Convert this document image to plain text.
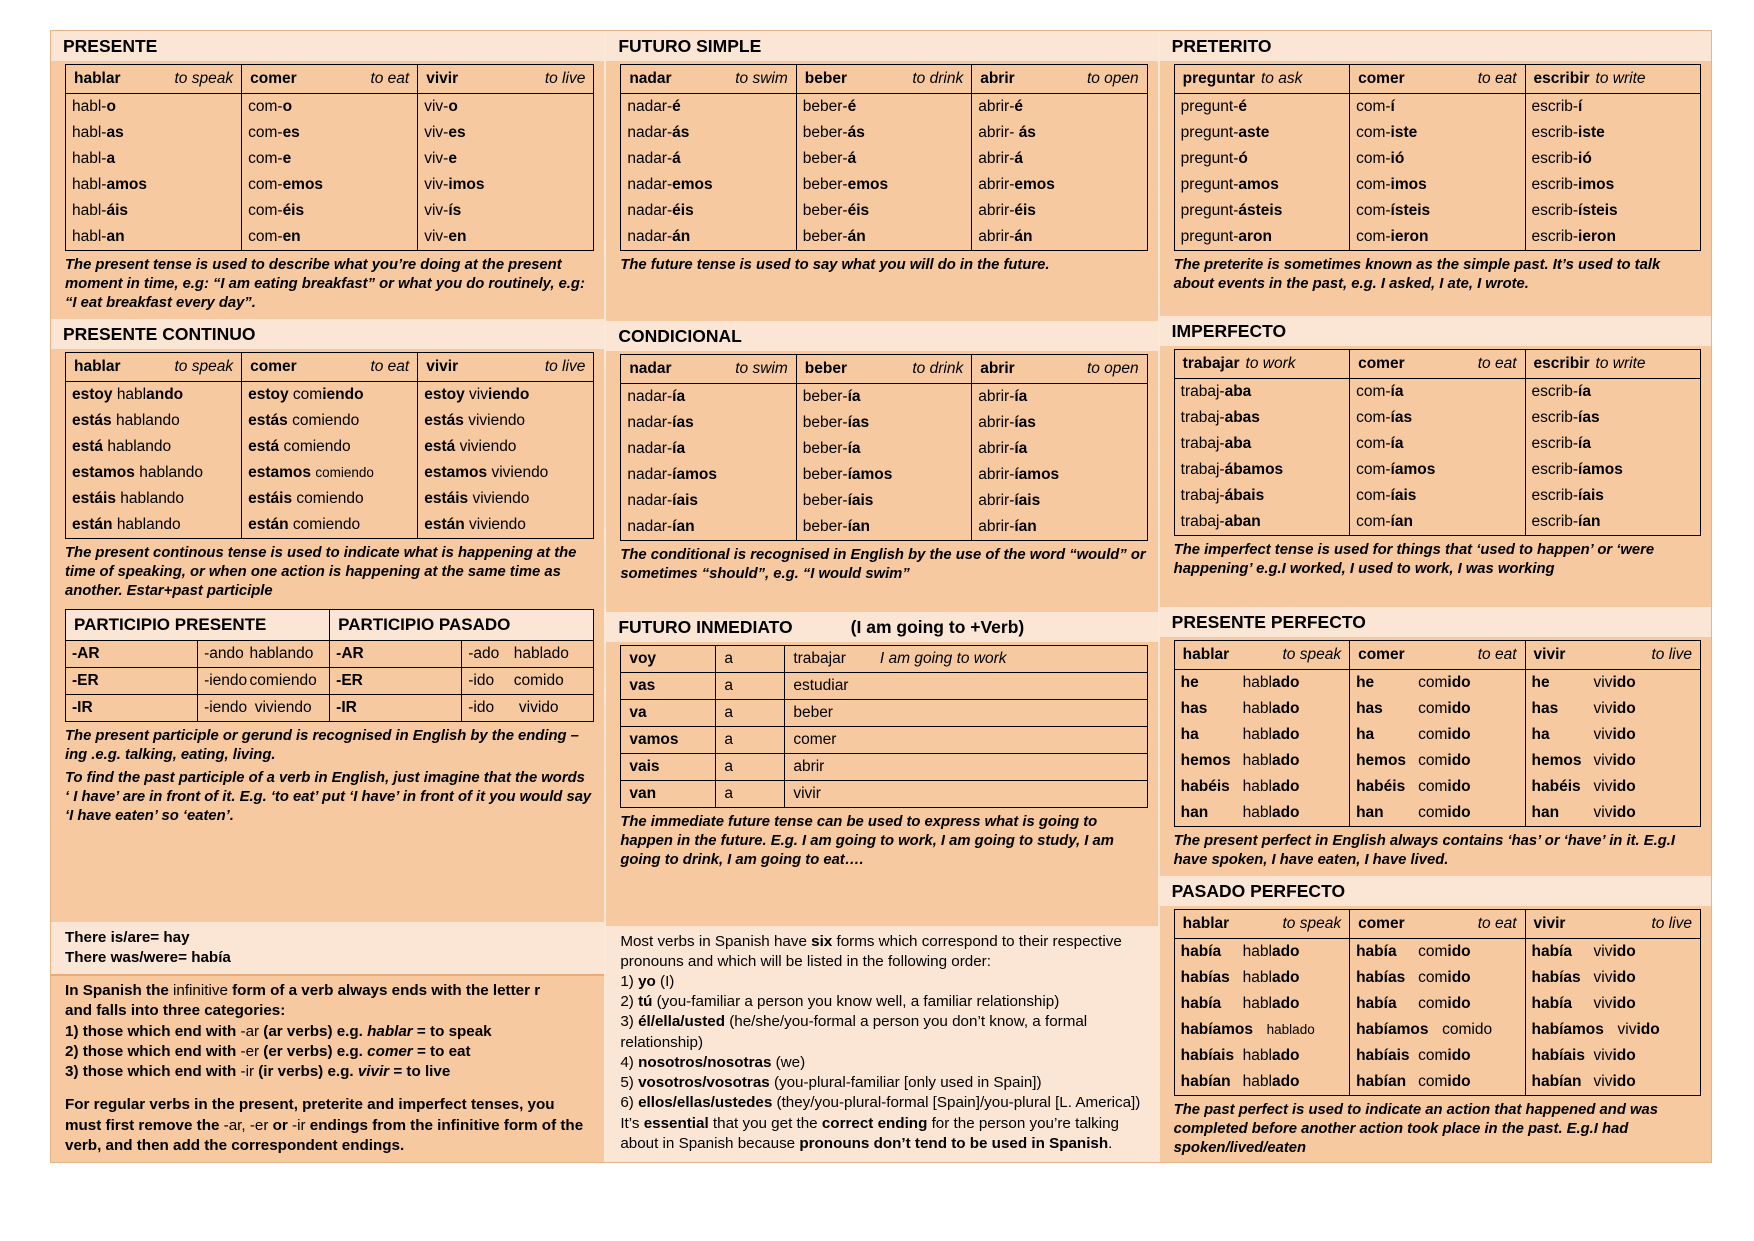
PRESENTE
hablar to speak	comer to eat	vivir to live

habl-o	com-o	viv-o
habl-as	com-es	viv-es
habl-a	com-e	viv-e
habl-amos	com-emos	viv-imos
habl-áis	com-éis	viv-ís
habl-an	com-en	viv-en
The present tense is used to describe what you’re doing at the present moment in time, e.g: “I am eating breakfast” or what you do routinely, e.g: “I eat breakfast every day”.
PRESENTE CONTINUO
hablar to speak	comer to eat	vivir to live

estoy hablando	estoy comiendo	estoy viviendo
estás hablando	estás comiendo	estás viviendo
está hablando	está comiendo	está viviendo
estamos hablando	estamos comiendo	estamos viviendo
estáis hablando	estáis comiendo	estáis viviendo
están hablando	están comiendo	están viviendo
The present continous tense is used to indicate what is happening at the time of speaking, or when one action is happening at the same time as another. Estar+past participle
PARTICIPIO PRESENTE		PARTICIPIO PASADO	
-AR	-ando hablando	-AR	-ado hablado

-ER	-iendo comiendo	-ER	-ido comido

-IR	-iendo viviendo	-IR	-ido vivido
The present participle or gerund is recognised in English by the ending –ing .e.g. talking, eating, living.
To find the past participle of a verb in English, just imagine that the words ‘ I have’ are in front of it. E.g. ‘to eat’ put ‘I have’ in front of it you would say ‘I have eaten’ so ‘eaten’.

There is/are= hay

There was/were= había

In Spanish the infinitive form of a verb always ends with the letter r

and falls into three categories:

1) those which end with -ar (ar verbs) e.g. hablar = to speak

2) those which end with -er (er verbs) e.g. comer = to eat

3) those which end with -ir (ir verbs) e.g. vivir = to live

For regular verbs in the present, preterite and imperfect tenses, you must first remove the -ar, -er or -ir endings from the infinitive form of the verb, and then add the correspondent endings.

FUTURO SIMPLE
nadar to swim	beber to drink	abrir to open

nadar-é	beber-é	abrir-é
nadar-ás	beber-ás	abrir- ás
nadar-á	beber-á	abrir-á
nadar-emos	beber-emos	abrir-emos
nadar-éis	beber-éis	abrir-éis
nadar-án	beber-án	abrir-án
The future tense is used to say what you will do in the future.
CONDICIONAL
nadar to swim	beber to drink	abrir to open

nadar-ía	beber-ía	abrir-ía
nadar-ías	beber-ías	abrir-ías
nadar-ía	beber-ía	abrir-ía
nadar-íamos	beber-íamos	abrir-íamos
nadar-íais	beber-íais	abrir-íais
nadar-ían	beber-ían	abrir-ían
The conditional is recognised in English by the use of the word “would” or sometimes “should”, e.g. “I would swim”
FUTURO INMEDIATO	(I am going to +Verb)
voy	a	trabajar I am going to work
vas	a	estudiar
va	a	beber
vamos	a	comer
vais	a	abrir
van	a	vivir
The immediate future tense can be used to express what is going to happen in the future. E.g. I am going to work, I am going to study, I am going to drink, I am going to eat….

Most verbs in Spanish have six forms which correspond to their respective pronouns and which will be listed in the following order:

1) yo (I)

2) tú (you-familiar a person you know well, a familiar relationship)

3) él/ella/usted (he/she/you-formal a person you don’t know, a formal relationship)

4) nosotros/nosotras (we)

5) vosotros/vosotras (you-plural-familiar [only used in Spain])

6) ellos/ellas/ustedes (they/you-plural-formal [Spain]/you-plural [L. America])

It’s essential that you get the correct ending for the person you’re talking about in Spanish because pronouns don’t tend to be used in Spanish.

PRETERITO
preguntar to ask	comer to eat	escribir to write

pregunt-é	com-í	escrib-í
pregunt-aste	com-iste	escrib-iste
pregunt-ó	com-ió	escrib-ió
pregunt-amos	com-imos	escrib-imos
pregunt-ásteis	com-ísteis	escrib-ísteis
pregunt-aron	com-ieron	escrib-ieron
The preterite is sometimes known as the simple past. It’s used to talk about events in the past, e.g. I asked, I ate, I wrote.
IMPERFECTO
trabajar to work	comer to eat	escribir to write

trabaj-aba	com-ía	escrib-ía
trabaj-abas	com-ías	escrib-ías
trabaj-aba	com-ía	escrib-ía
trabaj-ábamos	com-íamos	escrib-íamos
trabaj-ábais	com-íais	escrib-íais
trabaj-aban	com-ían	escrib-ían
The imperfect tense is used for things that ‘used to happen’ or ‘were happening’ e.g.I worked, I used to work, I was working
PRESENTE PERFECTO
hablar to speak	comer to eat	vivir to live

he hablado	he comido	he vivido

has hablado	has comido	has vivido

ha hablado	ha comido	ha vivido

hemos hablado	hemos comido	hemos vivido

habéis hablado	habéis comido	habéis vivido

han hablado	han comido	han vivido
The present perfect in English always contains ‘has’ or ‘have’ in it. E.g.I have spoken, I have eaten, I have lived.
PASADO PERFECTO
hablar to speak	comer to eat	vivir to live

había hablado	había comido	había vivido

habías hablado	habías comido	habías vivido

había hablado	había comido	había vivido

habíamos hablado	habíamos comido	habíamos vivido

habíais hablado	habíais comido	habíais vivido

habían hablado	habían comido	habían vivido
The past perfect is used to indicate an action that happened and was completed before another action took place in the past. E.g.I had spoken/lived/eaten
